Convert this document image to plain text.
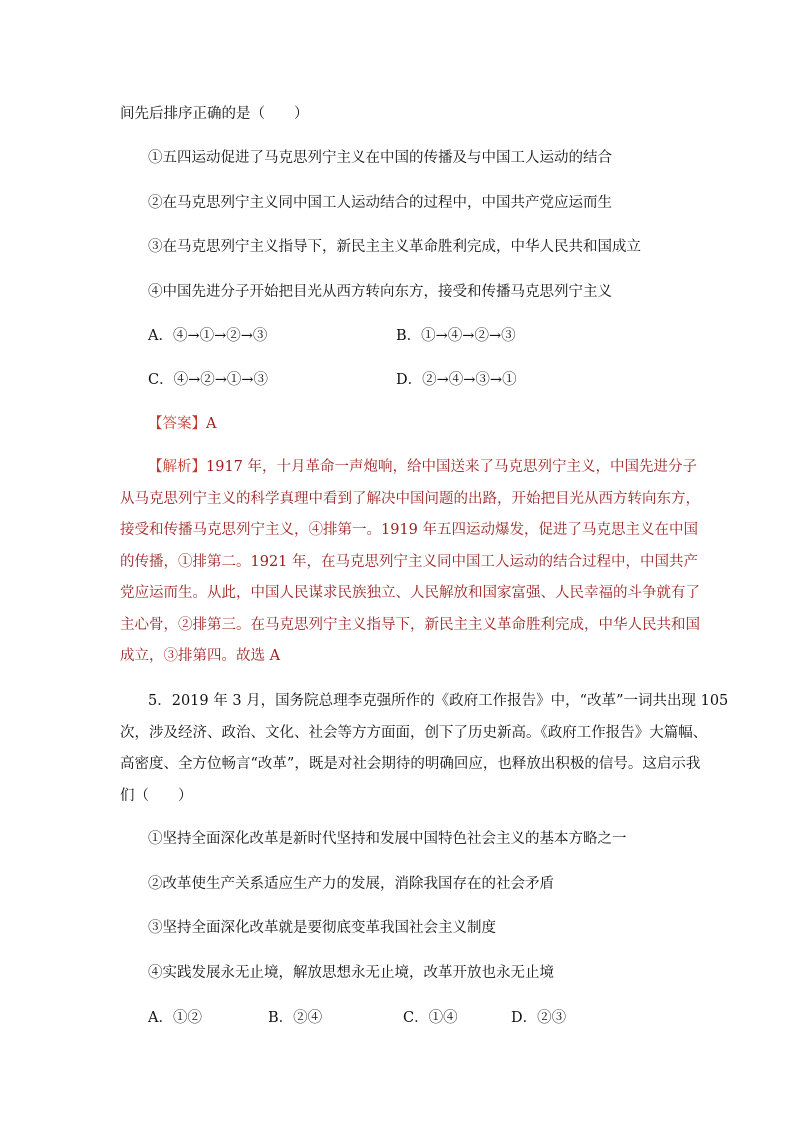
间先后排序正确的是（　　）
①五四运动促进了马克思列宁主义在中国的传播及与中国工人运动的结合
②在马克思列宁主义同中国工人运动结合的过程中，中国共产党应运而生
③在马克思列宁主义指导下，新民主主义革命胜利完成，中华人民共和国成立
④中国先进分子开始把目光从西方转向东方，接受和传播马克思列宁主义
A．④→①→②→③	B．①→④→②→③
C．④→②→①→③	D．②→④→③→①
【答案】A
【解析】1917 年，十月革命一声炮响，给中国送来了马克思列宁主义，中国先进分子
从马克思列宁主义的科学真理中看到了解决中国问题的出路，开始把目光从西方转向东方，
接受和传播马克思列宁主义，④排第一。1919 年五四运动爆发，促进了马克思主义在中国
的传播，①排第二。1921 年，在马克思列宁主义同中国工人运动的结合过程中，中国共产
党应运而生。从此，中国人民谋求民族独立、人民解放和国家富强、人民幸福的斗争就有了
主心骨，②排第三。在马克思列宁主义指导下，新民主主义革命胜利完成，中华人民共和国
成立，③排第四。故选 A
5．2019 年 3 月，国务院总理李克强所作的《政府工作报告》中，“改革”一词共出现 105
次，涉及经济、政治、文化、社会等方方面面，创下了历史新高。《政府工作报告》大篇幅、
高密度、全方位畅言“改革”，既是对社会期待的明确回应，也释放出积极的信号。这启示我
们（　　）
①坚持全面深化改革是新时代坚持和发展中国特色社会主义的基本方略之一
②改革使生产关系适应生产力的发展，消除我国存在的社会矛盾
③坚持全面深化改革就是要彻底变革我国社会主义制度
④实践发展永无止境，解放思想永无止境，改革开放也永无止境
A．①②	B．②④	C．①④	D．②③
